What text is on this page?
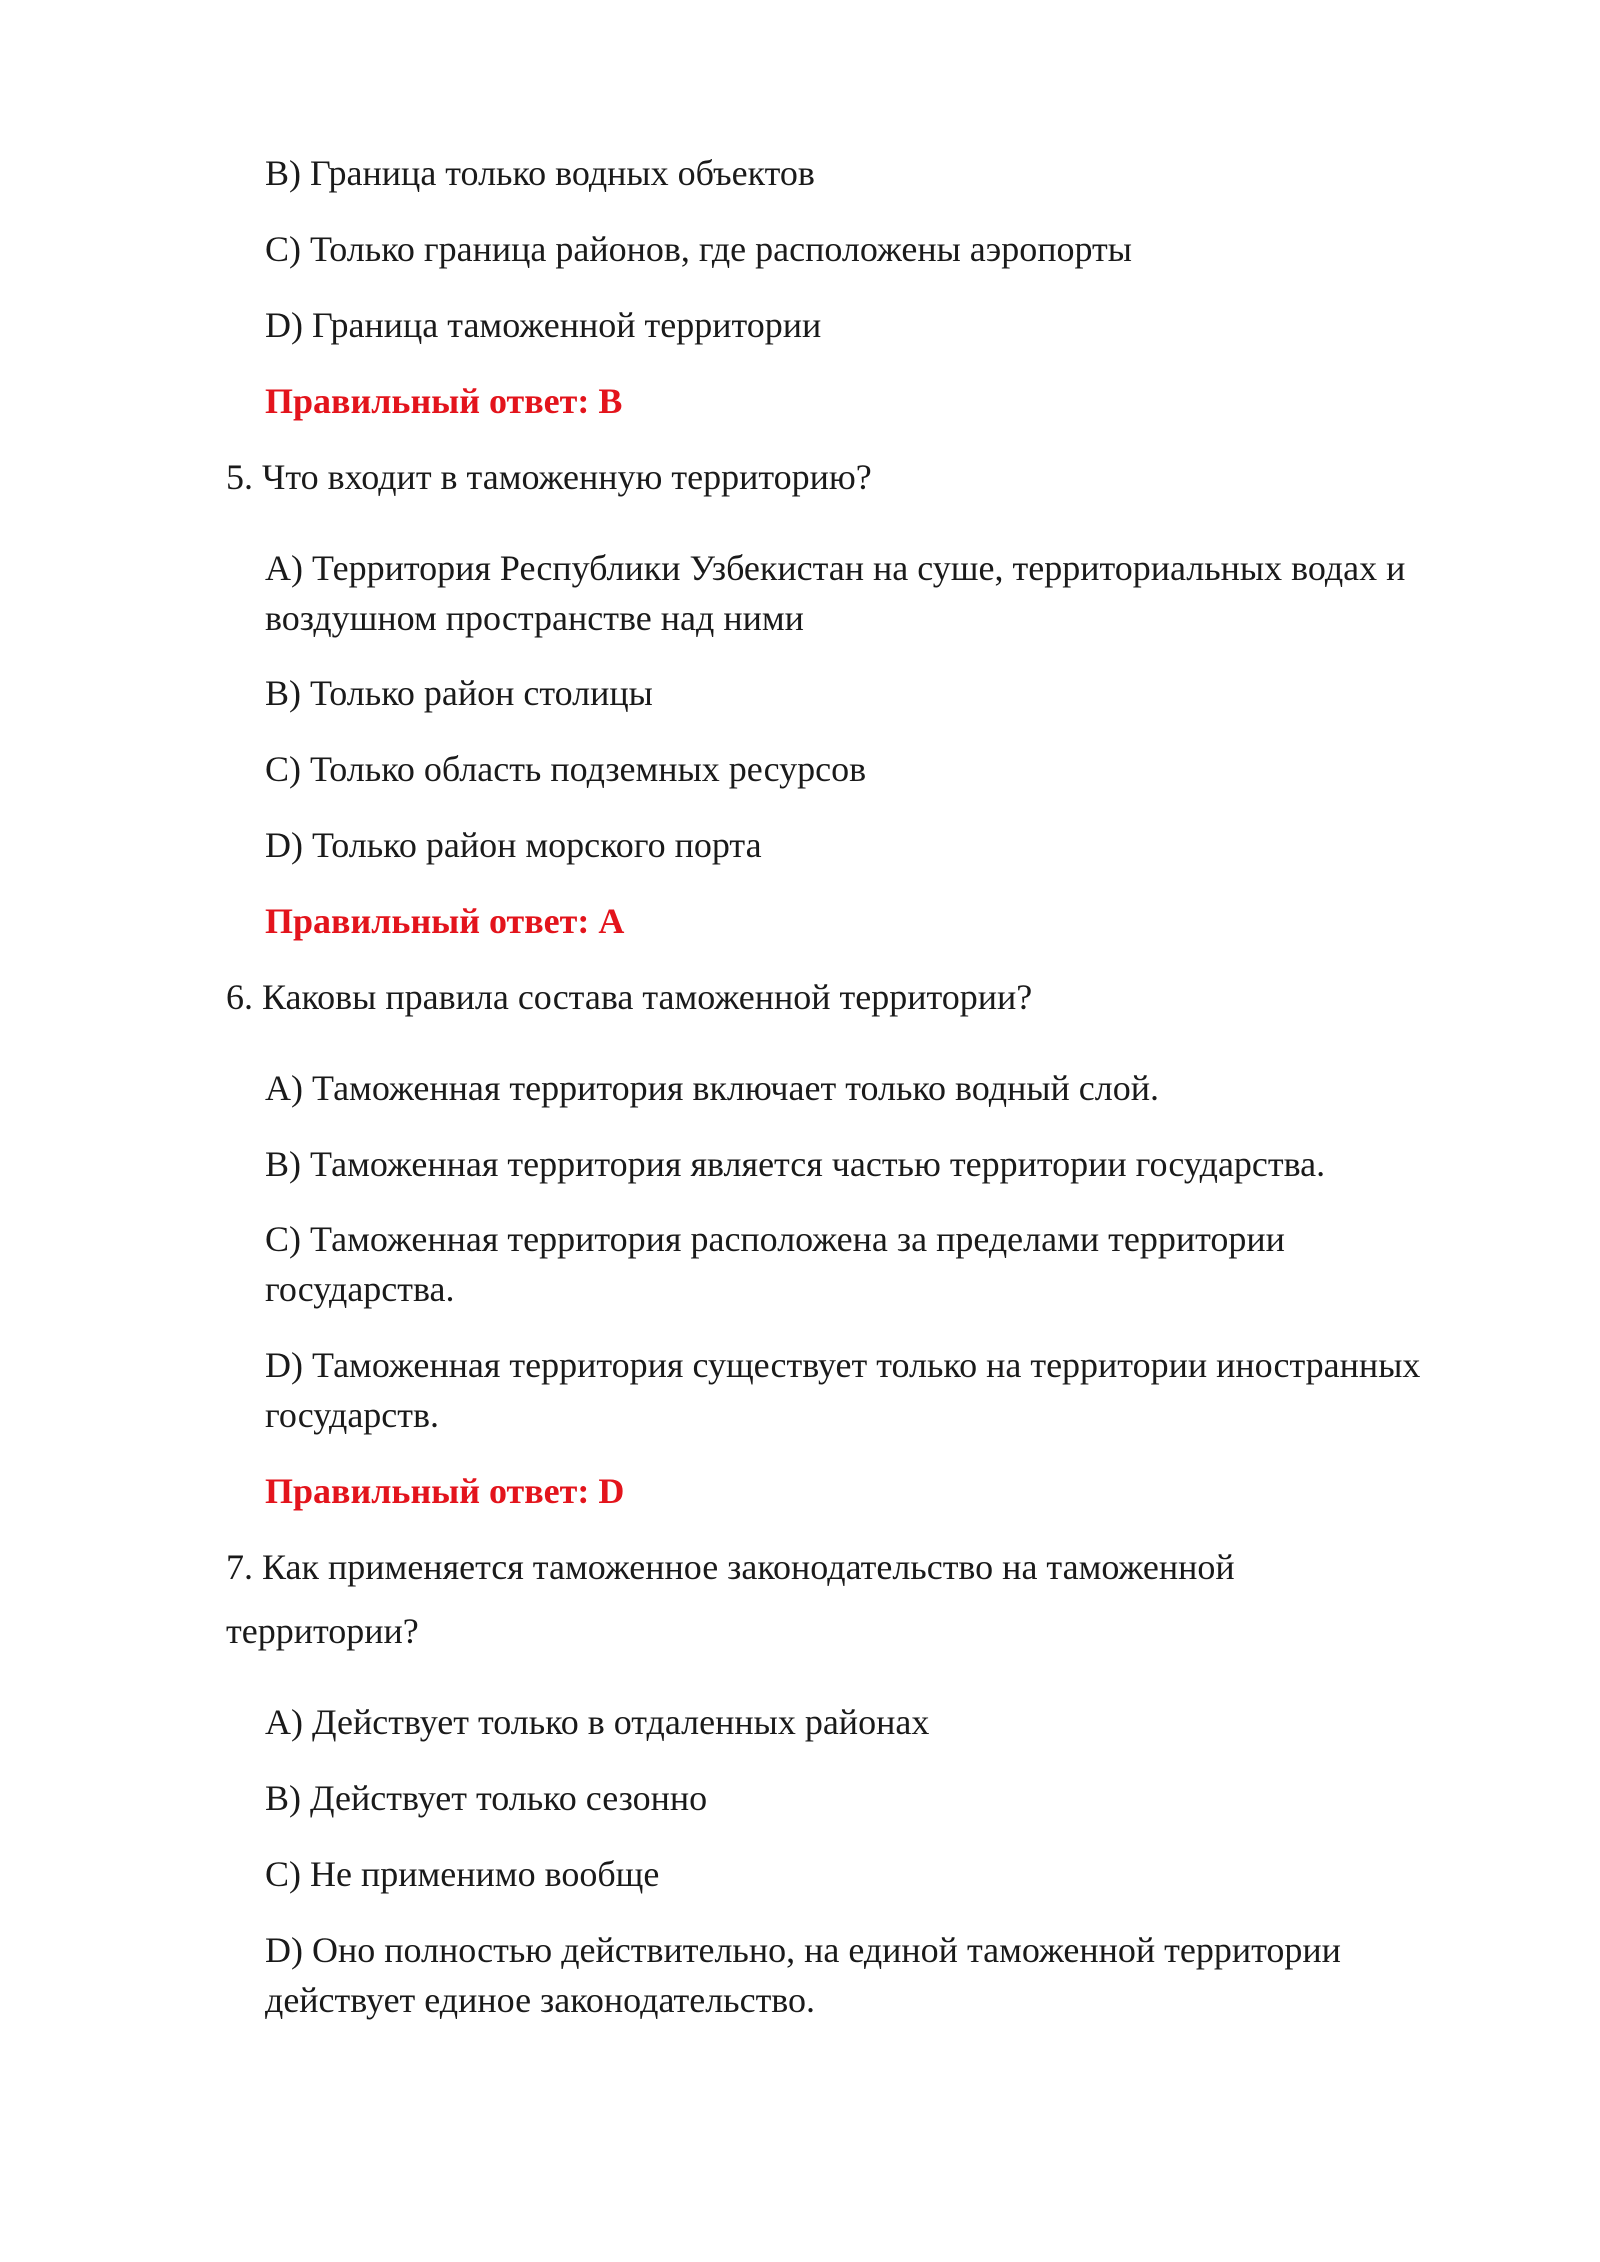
B) Граница только водных объектов

C) Только граница районов, где расположены аэропорты

D) Граница таможенной территории

Правильный ответ: B

5. Что входит в таможенную территорию?

A) Территория Республики Узбекистан на суше, территориальных водах и

воздушном пространстве над ними

B) Только район столицы

C) Только область подземных ресурсов

D) Только район морского порта

Правильный ответ: A

6. Каковы правила состава таможенной территории?

A) Таможенная территория включает только водный слой.

B) Таможенная территория является частью территории государства.

C) Таможенная территория расположена за пределами территории

государства.

D) Таможенная территория существует только на территории иностранных

государств.

Правильный ответ: D

7. Как применяется таможенное законодательство на таможенной

территории?

A) Действует только в отдаленных районах

B) Действует только сезонно

C) Не применимо вообще

D) Оно полностью действительно, на единой таможенной территории

действует единое законодательство.
